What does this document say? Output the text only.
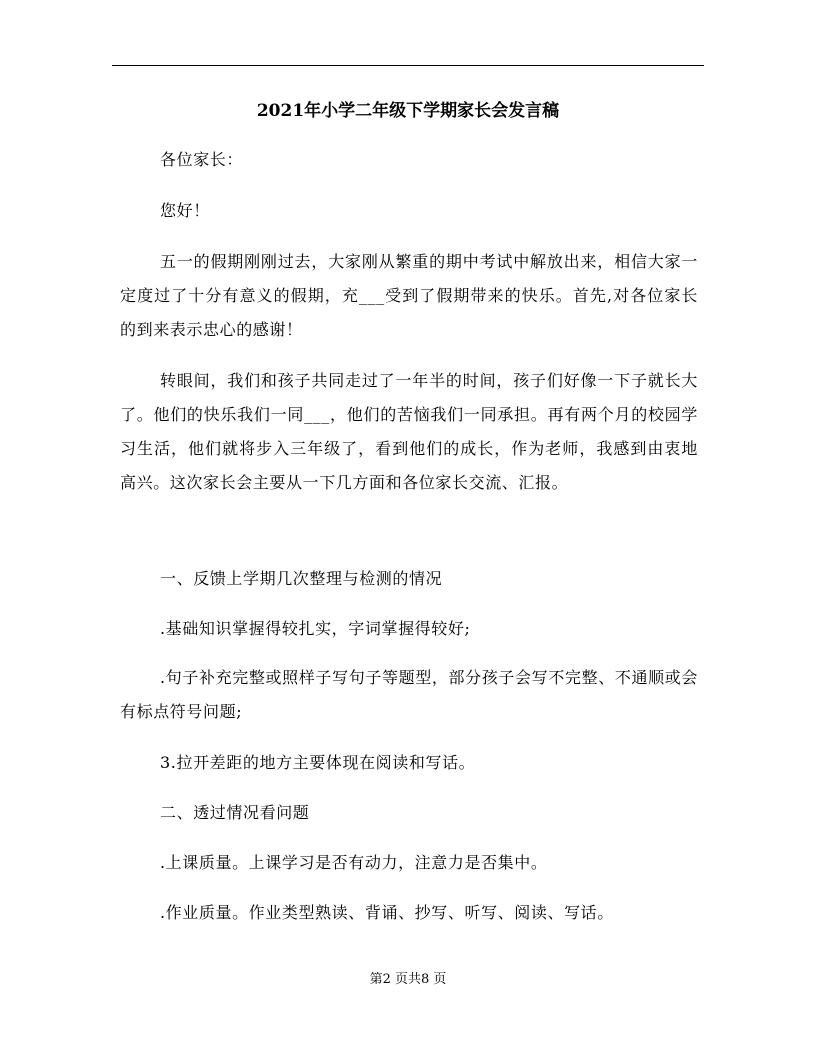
2021年小学二年级下学期家长会发言稿
各位家长：
您好！
五一的假期刚刚过去，大家刚从繁重的期中考试中解放出来，相信大家一定度过了十分有意义的假期，充___受到了假期带来的快乐。首先,对各位家长的到来表示忠心的感谢！
转眼间，我们和孩子共同走过了一年半的时间，孩子们好像一下子就长大了。他们的快乐我们一同___，他们的苦恼我们一同承担。再有两个月的校园学习生活，他们就将步入三年级了，看到他们的成长，作为老师，我感到由衷地高兴。这次家长会主要从一下几方面和各位家长交流、汇报。
一、反馈上学期几次整理与检测的情况
.基础知识掌握得较扎实，字词掌握得较好;
.句子补充完整或照样子写句子等题型，部分孩子会写不完整、不通顺或会有标点符号问题;
3.拉开差距的地方主要体现在阅读和写话。
二、透过情况看问题
.上课质量。上课学习是否有动力，注意力是否集中。
.作业质量。作业类型熟读、背诵、抄写、听写、阅读、写话。
第2 页共8 页
